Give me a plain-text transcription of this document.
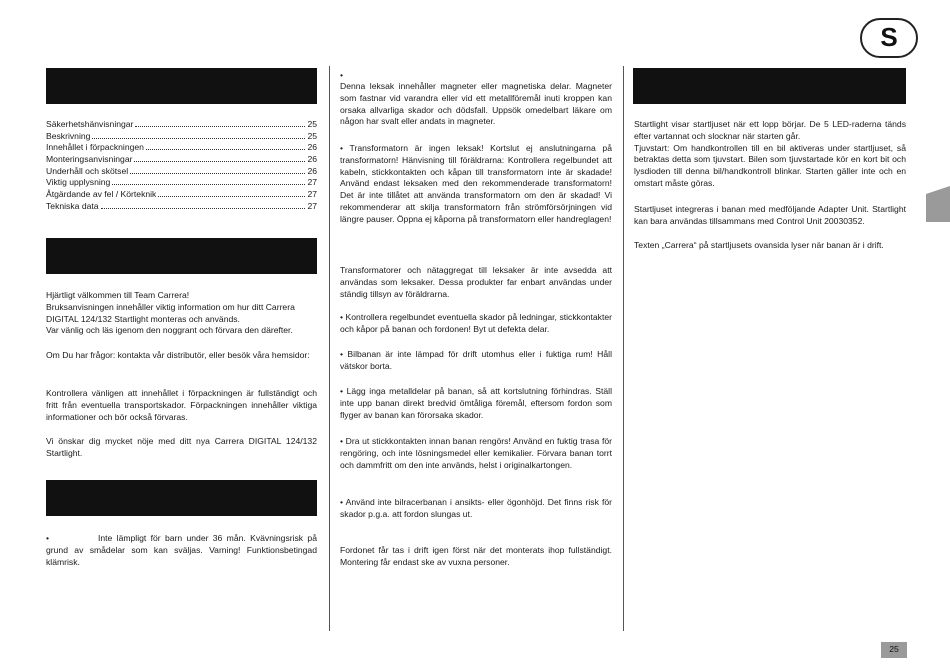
S
Säkerhetshänvisningar	25
Beskrivning	25
Innehållet i förpackningen	26
Monteringsanvisningar	26
Underhåll och skötsel	26
Viktig upplysning	27
Åtgärdande av fel / Körteknik	27
Tekniska data	27

Hjärtligt välkommen till Team Carrera!

Bruksanvisningen innehåller viktig information om hur ditt Carrera DIGITAL 124/132 Startlight monteras och används.

Var vänlig och läs igenom den noggrant och förvara den därefter.

Om Du har frågor: kontakta vår distributör, eller besök våra hemsidor:
Kontrollera vänligen att innehållet i förpackningen är fullständigt och fritt från eventuella transportskador. Förpackningen innehåller viktiga informationer och bör också förvaras.
Vi önskar dig mycket nöje med ditt nya Carrera DIGITAL 124/132 Startlight.
•	Inte lämpligt för barn under 36 mån. Kvävningsrisk på grund av smådelar som kan sväljas. Varning! Funktionsbetingad klämrisk.
•
Denna leksak innehåller magneter eller magnetiska delar. Magneter som fastnar vid varandra eller vid ett metallföremål inuti kroppen kan orsaka allvarliga skador och dödsfall. Uppsök omedelbart läkare om någon har svalt eller andats in magneter.
• Transformatorn är ingen leksak! Kortslut ej anslutningarna på transformatorn! Hänvisning till föräldrarna: Kontrollera regelbundet att kabeln, stickkontakten och kåpan till transformatorn inte är skadade! Använd endast leksaken med den rekommenderade transformatorn! Det är inte tillåtet att använda transformatorn om den är skadad! Vi rekommenderar att skilja transformatorn från strömförsörjningen vid längre pauser. Öppna ej kåporna på transformatorn eller handreglagen!
Transformatorer och nätaggregat till leksaker är inte avsedda att användas som leksaker. Dessa produkter far enbart användas under ständig tillsyn av föräldrarna.
• Kontrollera regelbundet eventuella skador på ledningar, stickkontakter och kåpor på banan och fordonen! Byt ut defekta delar.
• Bilbanan är inte lämpad för drift utomhus eller i fuktiga rum! Håll vätskor borta.
• Lägg inga metalldelar på banan, så att kortslutning förhindras. Ställ inte upp banan direkt bredvid ömtåliga föremål, eftersom fordon som flyger av banan kan förorsaka skador.
• Dra ut stickkontakten innan banan rengörs! Använd en fuktig trasa för rengöring, och inte lösningsmedel eller kemikalier. Förvara banan torrt och dammfritt om den inte används, helst i originalkartongen.
• Använd inte bilracerbanan i ansikts- eller ögonhöjd. Det finns risk för skador p.g.a. att fordon slungas ut.
Fordonet får tas i drift igen först när det monterats ihop fullständigt. Montering får endast ske av vuxna personer.

Startlight visar startljuset när ett lopp börjar. De 5 LED-raderna tänds efter vartannat och slocknar när starten går.

Tjuvstart: Om handkontrollen till en bil aktiveras under startljuset, så betraktas detta som tjuvstart. Bilen som tjuvstartade kör en kort bit och lysdioden till denna bil/handkontroll blinkar. Starten gäller inte och en omstart måste göras.

Startljuset integreras i banan med medföljande Adapter Unit. Startlight kan bara användas tillsammans med Control Unit 20030352.
Texten „Carrera“ på startljusets ovansida lyser när banan är i drift.
25
